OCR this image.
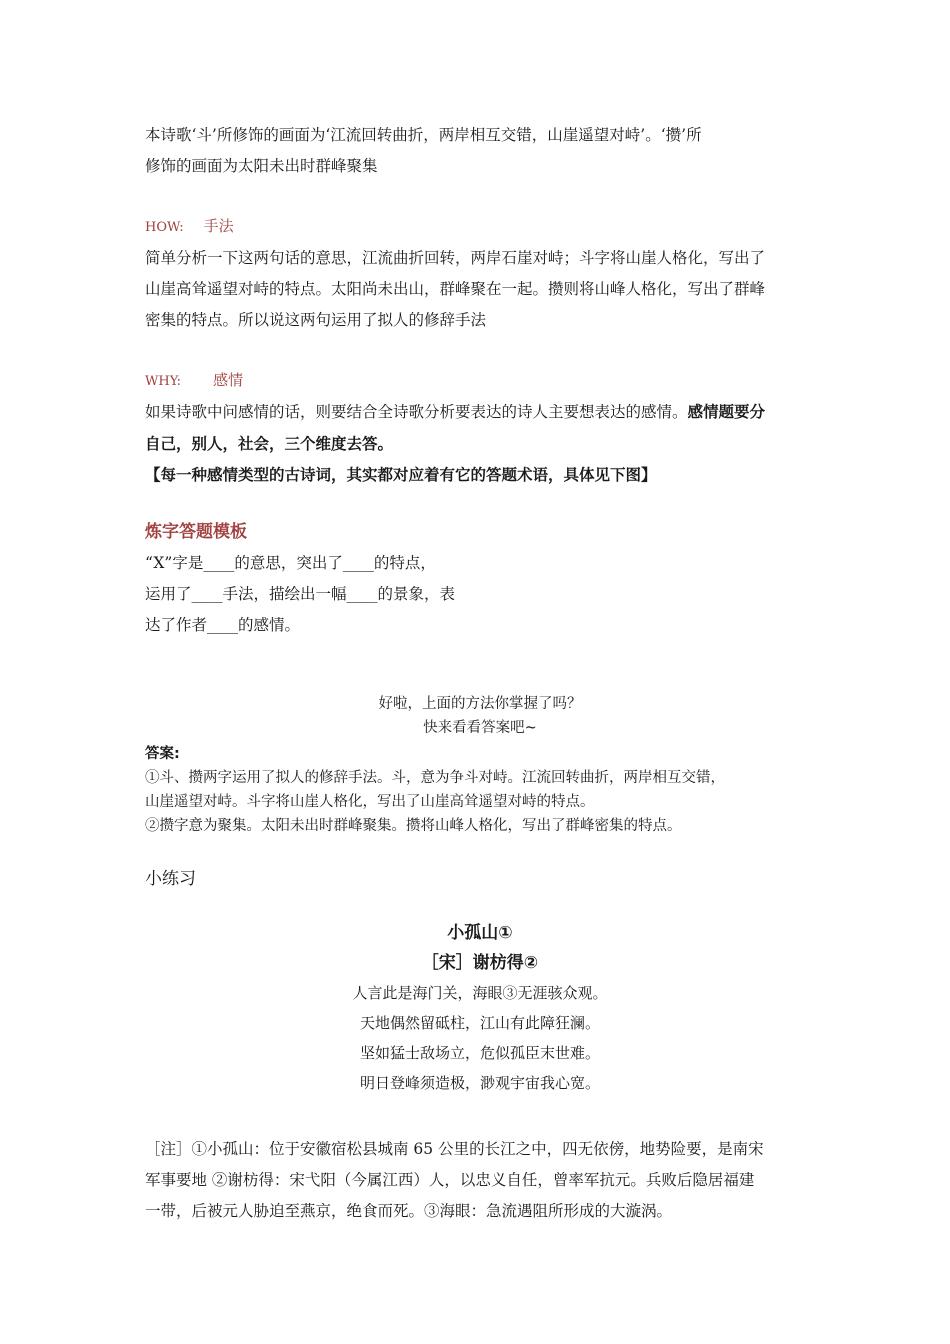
本诗歌‘斗’所修饰的画面为‘江流回转曲折，两岸相互交错，山崖遥望对峙’。‘攒’所

修饰的画面为太阳未出时群峰聚集

HOW: 手法

简单分析一下这两句话的意思，江流曲折回转，两岸石崖对峙；斗字将山崖人格化，写出了

山崖高耸遥望对峙的特点。太阳尚未出山，群峰聚在一起。攒则将山峰人格化，写出了群峰

密集的特点。所以说这两句运用了拟人的修辞手法

WHY: 感情

如果诗歌中问感情的话，则要结合全诗歌分析要表达的诗人主要想表达的感情。感情题要分

自己，别人，社会，三个维度去答。

【每一种感情类型的古诗词，其实都对应着有它的答题术语，具体见下图】

炼字答题模板

“X”字是____的意思，突出了____的特点，

运用了____手法，描绘出一幅____的景象，表

达了作者____的感情。

好啦，上面的方法你掌握了吗？
快来看看答案吧~
答案:
①斗、攒两字运用了拟人的修辞手法。斗，意为争斗对峙。江流回转曲折，两岸相互交错，
山崖遥望对峙。斗字将山崖人格化，写出了山崖高耸遥望对峙的特点。
②攒字意为聚集。太阳未出时群峰聚集。攒将山峰人格化，写出了群峰密集的特点。
小练习
小孤山①
［宋］谢枋得②
人言此是海门关，海眼③无涯骇众观。
天地偶然留砥柱，江山有此障狂澜。
坚如猛士敌场立，危似孤臣末世难。
明日登峰须造极，渺观宇宙我心宽。

［注］①小孤山：位于安徽宿松县城南 65 公里的长江之中，四无依傍，地势险要，是南宋

军事要地 ②谢枋得：宋弋阳（今属江西）人，以忠义自任，曾率军抗元。兵败后隐居福建

一带，后被元人胁迫至燕京，绝食而死。③海眼：急流遇阻所形成的大漩涡。
